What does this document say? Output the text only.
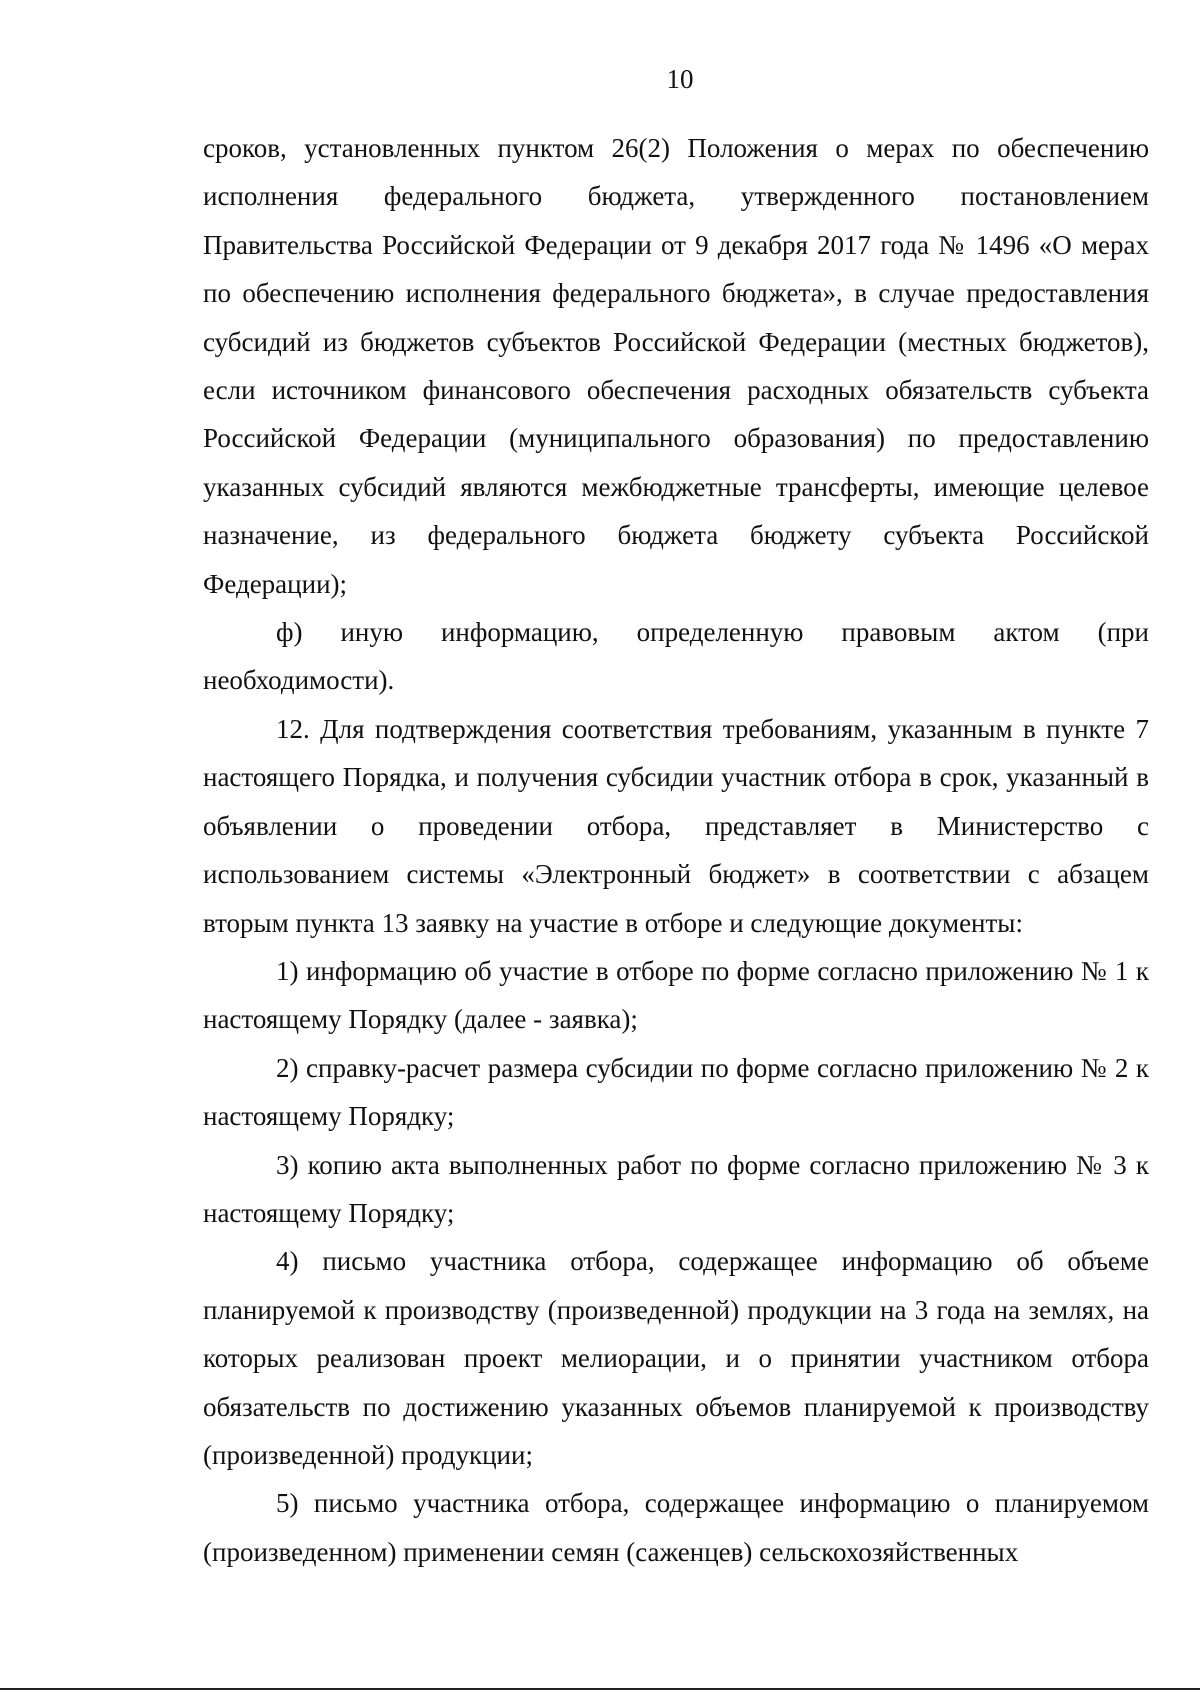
10

сроков, установленных пунктом 26(2) Положения о мерах по обеспечению исполнения федерального бюджета, утвержденного постановлением Правительства Российской Федерации от 9 декабря 2017 года № 1496 «О мерах по обеспечению исполнения федерального бюджета», в случае предоставления субсидий из бюджетов субъектов Российской Федерации (местных бюджетов), если источником финансового обеспечения расходных обязательств субъекта Российской Федерации (муниципального образования) по предоставлению указанных субсидий являются межбюджетные трансферты, имеющие целевое назначение, из федерального бюджета бюджету субъекта Российской Федерации);

ф) иную информацию, определенную правовым актом (при необходимости).

12. Для подтверждения соответствия требованиям, указанным в пункте 7 настоящего Порядка, и получения субсидии участник отбора в срок, указанный в объявлении о проведении отбора, представляет в Министерство с использованием системы «Электронный бюджет» в соответствии с абзацем вторым пункта 13 заявку на участие в отборе и следующие документы:

1) информацию об участие в отборе по форме согласно приложению № 1 к настоящему Порядку (далее - заявка);

2) справку-расчет размера субсидии по форме согласно приложению № 2 к настоящему Порядку;

3) копию акта выполненных работ по форме согласно приложению № 3 к настоящему Порядку;

4) письмо участника отбора, содержащее информацию об объеме планируемой к производству (произведенной) продукции на 3 года на землях, на которых реализован проект мелиорации, и о принятии участником отбора обязательств по достижению указанных объемов планируемой к производству (произведенной) продукции;

5) письмо участника отбора, содержащее информацию о планируемом (произведенном) применении семян (саженцев) сельскохозяйственных
